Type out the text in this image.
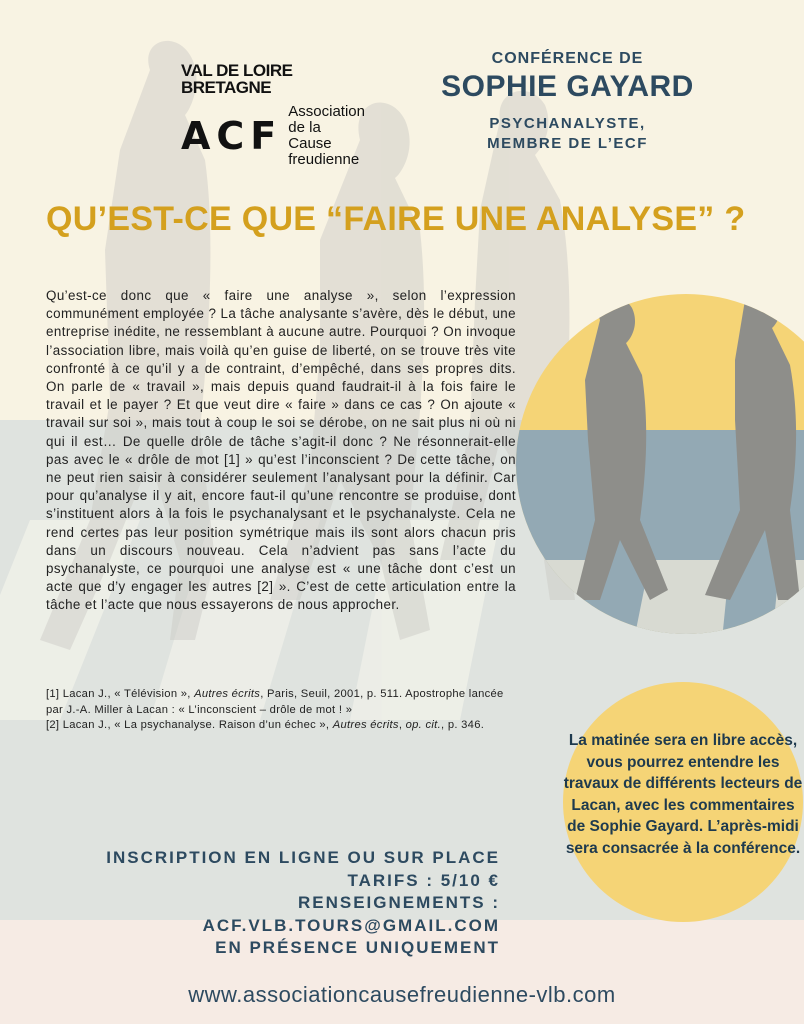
VAL DE LOIRE
BRETAGNE
ACF
Association
de la Cause
freudienne
CONFÉRENCE DE
SOPHIE GAYARD
PSYCHANALYSTE,
MEMBRE DE L’ECF
QU’EST-CE QUE “FAIRE UNE ANALYSE” ?
Qu’est-ce donc que « faire une analyse », selon l’expression communément employée ? La tâche analysante s’avère, dès le début, une entreprise inédite, ne ressemblant à aucune autre. Pourquoi ? On invoque l’association libre, mais voilà qu’en guise de liberté, on se trouve très vite confronté à ce qu’il y a de contraint, d’empêché, dans ses propres dits. On parle de « travail », mais depuis quand faudrait-il à la fois faire le travail et le payer ? Et que veut dire « faire » dans ce cas ? On ajoute « travail sur soi », mais tout à coup le soi se dérobe, on ne sait plus ni où ni qui il est… De quelle drôle de tâche s’agit-il donc ? Ne résonnerait-elle pas avec le « drôle de mot [1] » qu’est l’inconscient ? De cette tâche, on ne peut rien saisir à considérer seulement l’analysant pour la définir. Car pour qu’analyse il y ait, encore faut-il qu’une rencontre se produise, dont s’instituent alors à la fois le psychanalysant et le psychanalyste. Cela ne rend certes pas leur position symétrique mais ils sont alors chacun pris dans un discours nouveau. Cela n’advient pas sans l’acte du psychanalyste, ce pourquoi une analyse est « une tâche dont c’est un acte que d’y engager les autres [2] ». C’est de cette articulation entre la tâche et l’acte que nous essayerons de nous approcher.

[1] Lacan J., « Télévision », Autres écrits, Paris, Seuil, 2001, p. 511. Apostrophe lancée par J.-A. Miller à Lacan : « L’inconscient – drôle de mot ! »

[2] Lacan J., « La psychanalyse. Raison d’un échec », Autres écrits, op. cit., p. 346.

La matinée sera en libre accès, vous pourrez entendre les travaux de différents lecteurs de Lacan, avec les commentaires de Sophie Gayard. L’après-midi sera consacrée à la conférence.
INSCRIPTION EN LIGNE OU SUR PLACE
TARIFS : 5/10 €
RENSEIGNEMENTS :
ACF.VLB.TOURS@GMAIL.COM
EN PRÉSENCE UNIQUEMENT
www.associationcausefreudienne-vlb.com
